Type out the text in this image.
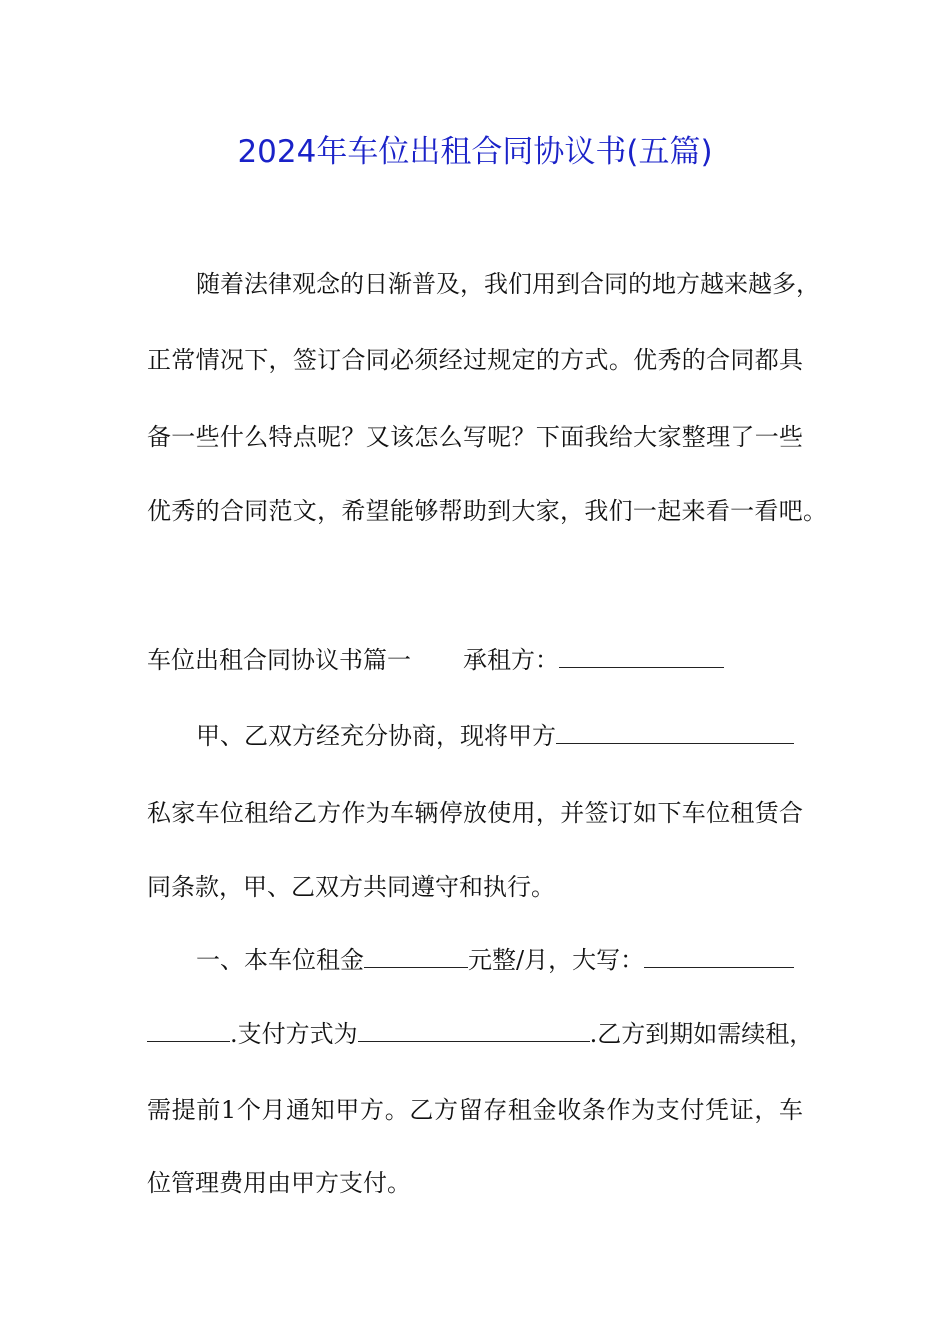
2024年车位出租合同协议书(五篇)
随着法律观念的日渐普及，我们用到合同的地方越来越多，
正常情况下，签订合同必须经过规定的方式。优秀的合同都具
备一些什么特点呢？又该怎么写呢？下面我给大家整理了一些
优秀的合同范文，希望能够帮助到大家，我们一起来看一看吧。
车位出租合同协议书篇一 承租方：
甲、乙双方经充分协商，现将甲方
私家车位租给乙方作为车辆停放使用，并签订如下车位租赁合
同条款，甲、乙双方共同遵守和执行。
一、本车位租金	元整/月，大写：
.支付方式为	.乙方到期如需续租，
需提前1个月通知甲方。乙方留存租金收条作为支付凭证，车
位管理费用由甲方支付。
